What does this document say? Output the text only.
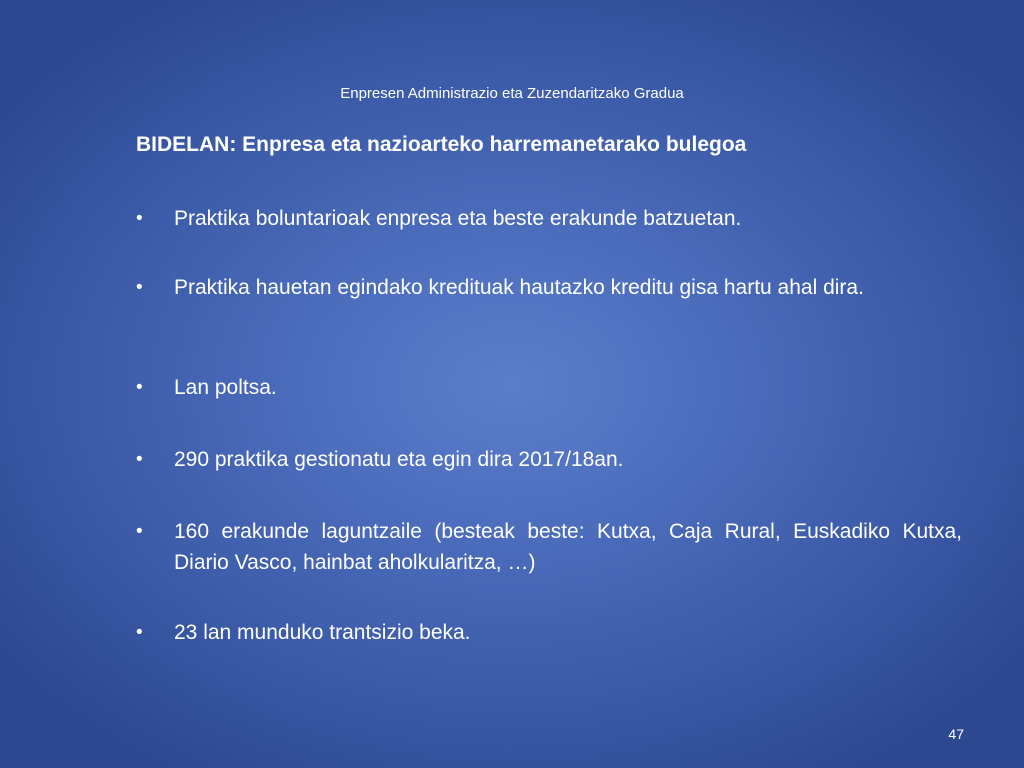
Enpresen Administrazio eta Zuzendaritzako Gradua
BIDELAN: Enpresa eta nazioarteko harremanetarako bulegoa
•	Praktika boluntarioak enpresa eta beste erakunde batzuetan.
•	Praktika hauetan egindako kredituak hautazko kreditu gisa hartu ahal dira.
•	Lan poltsa.
•	290 praktika gestionatu eta egin dira 2017/18an.
•	160 erakunde laguntzaile (besteak beste: Kutxa, Caja Rural, Euskadiko Kutxa, Diario Vasco, hainbat aholkularitza, …)
•	23 lan munduko trantsizio beka.
47
